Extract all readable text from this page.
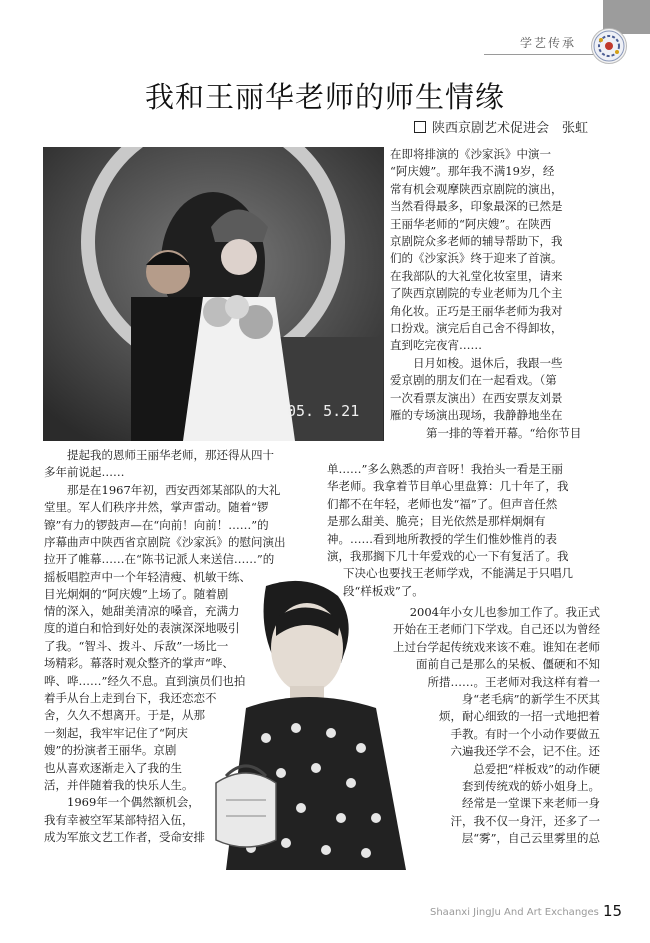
学艺传承
我和王丽华老师的师生情缘
陕西京剧艺术促进会　张虹
05. 5.21

在即将排演的《沙家浜》中演一

“阿庆嫂”。那年我不满19岁，经

常有机会观摩陕西京剧院的演出，

当然看得最多，印象最深的已然是

王丽华老师的“阿庆嫂”。在陕西

京剧院众多老师的辅导帮助下，我

们的《沙家浜》终于迎来了首演。

在我部队的大礼堂化妆室里，请来

了陕西京剧院的专业老师为几个主

角化妆。正巧是王丽华老师为我对

口扮戏。演完后自己舍不得卸妆，

直到吃完夜宵……

　　日月如梭。退休后，我跟一些

爱京剧的朋友们在一起看戏。（第

一次看票友演出）在西安票友刘景

雁的专场演出现场，我静静地坐在

第一排的等着开幕。“给你节目

　　提起我的恩师王丽华老师，那还得从四十

多年前说起……

　　那是在1967年初，西安西郊某部队的大礼

堂里。军人们秩序井然，掌声雷动。随着“锣

镲”有力的锣鼓声—在“向前！向前！……”的

序幕曲声中陕西省京剧院《沙家浜》的慰问演出

拉开了帷幕……在“陈书记派人来送信……”的

摇板唱腔声中一个年轻清瘦、机敏干练、

目光炯炯的“阿庆嫂”上场了。随着剧

单……”多么熟悉的声音呀！我抬头一看是王丽

华老师。我拿着节目单心里盘算：几十年了，我

们都不在年轻，老师也发“福”了。但声音任然

是那么甜美、脆亮；目光依然是那样炯炯有

神。……看到地所教授的学生们惟妙惟肖的表

演，我那搁下几十年爱戏的心一下有复活了。我

下决心也要找王老师学戏，不能满足于只唱几

段“样板戏”了。

情的深入，她甜美清凉的嗓音，充满力

度的道白和恰到好处的表演深深地吸引

了我。“智斗、拨斗、斥敌”一场比一

场精彩。幕落时观众整齐的掌声“哗、

哗、哗……”经久不息。直到演员们也拍

着手从台上走到台下，我还恋恋不

舍，久久不想离开。于是，从那

一刻起，我牢牢记住了“阿庆

嫂”的扮演者王丽华。京剧

也从喜欢逐渐走入了我的生

活，并伴随着我的快乐人生。

　　1969年一个偶然额机会，

我有幸被空军某部特招入伍，

成为军旅文艺工作者，受命安排

　　2004年小女儿也参加工作了。我正式

开始在王老师门下学戏。自己还以为曾经

上过台学起传统戏来该不难。谁知在老师

面前自己是那么的呆板、僵硬和不知

所措……。王老师对我这样有着一

身“老毛病”的新学生不厌其

烦，耐心细致的一招一式地把着

手教。有时一个小动作要做五

六遍我还学不会，记不住。还

总爱把“样板戏”的动作硬

套到传统戏的娇小姐身上。

经常是一堂课下来老师一身

汗，我不仅一身汗，还多了一

层“雾”，自己云里雾里的总

Shaanxi JingJu And Art Exchanges 15
